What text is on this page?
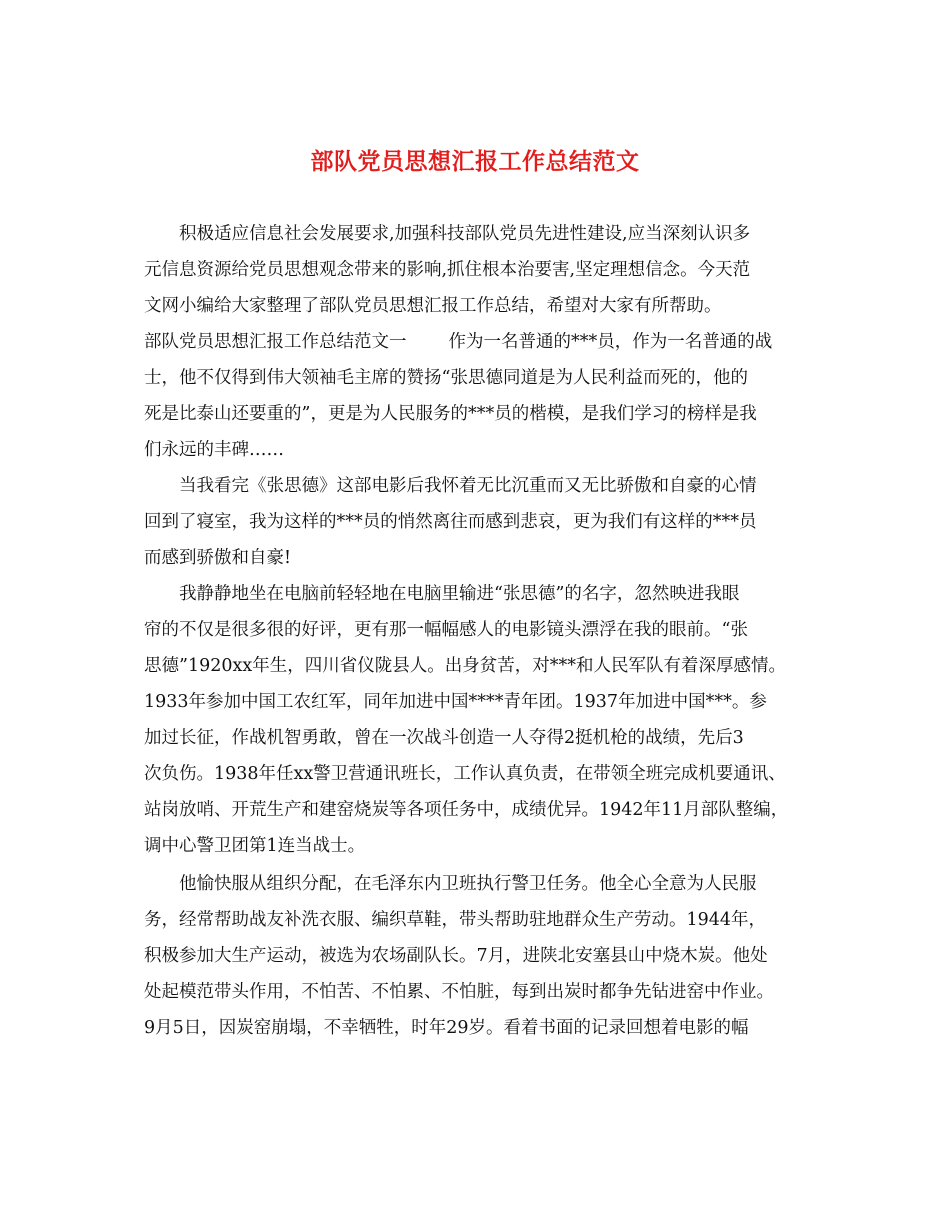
部队党员思想汇报工作总结范文
积极适应信息社会发展要求,加强科技部队党员先进性建设,应当深刻认识多
元信息资源给党员思想观念带来的影响,抓住根本治要害,坚定理想信念。今天范
文网小编给大家整理了部队党员思想汇报工作总结，希望对大家有所帮助。
部队党员思想汇报工作总结范文一 作为一名普通的***员，作为一名普通的战
士，他不仅得到伟大领袖毛主席的赞扬“张思德同道是为人民利益而死的，他的
死是比泰山还要重的”，更是为人民服务的***员的楷模，是我们学习的榜样是我
们永远的丰碑……
当我看完《张思德》这部电影后我怀着无比沉重而又无比骄傲和自豪的心情
回到了寝室，我为这样的***员的悄然离往而感到悲哀，更为我们有这样的***员
而感到骄傲和自豪!
我静静地坐在电脑前轻轻地在电脑里输进“张思德”的名字，忽然映进我眼
帘的不仅是很多很的好评，更有那一幅幅感人的电影镜头漂浮在我的眼前。“张
思德”1920xx年生，四川省仪陇县人。出身贫苦，对***和人民军队有着深厚感情。
1933年参加中国工农红军，同年加进中国****青年团。1937年加进中国***。参
加过长征，作战机智勇敢，曾在一次战斗创造一人夺得2挺机枪的战绩，先后3
次负伤。1938年任xx警卫营通讯班长，工作认真负责，在带领全班完成机要通讯、
站岗放哨、开荒生产和建窑烧炭等各项任务中，成绩优异。1942年11月部队整编，
调中心警卫团第1连当战士。
他愉快服从组织分配，在毛泽东内卫班执行警卫任务。他全心全意为人民服
务，经常帮助战友补洗衣服、编织草鞋，带头帮助驻地群众生产劳动。1944年，
积极参加大生产运动，被选为农场副队长。7月，进陕北安塞县山中烧木炭。他处
处起模范带头作用，不怕苦、不怕累、不怕脏，每到出炭时都争先钻进窑中作业。
9月5日，因炭窑崩塌，不幸牺牲，时年29岁。看着书面的记录回想着电影的幅
